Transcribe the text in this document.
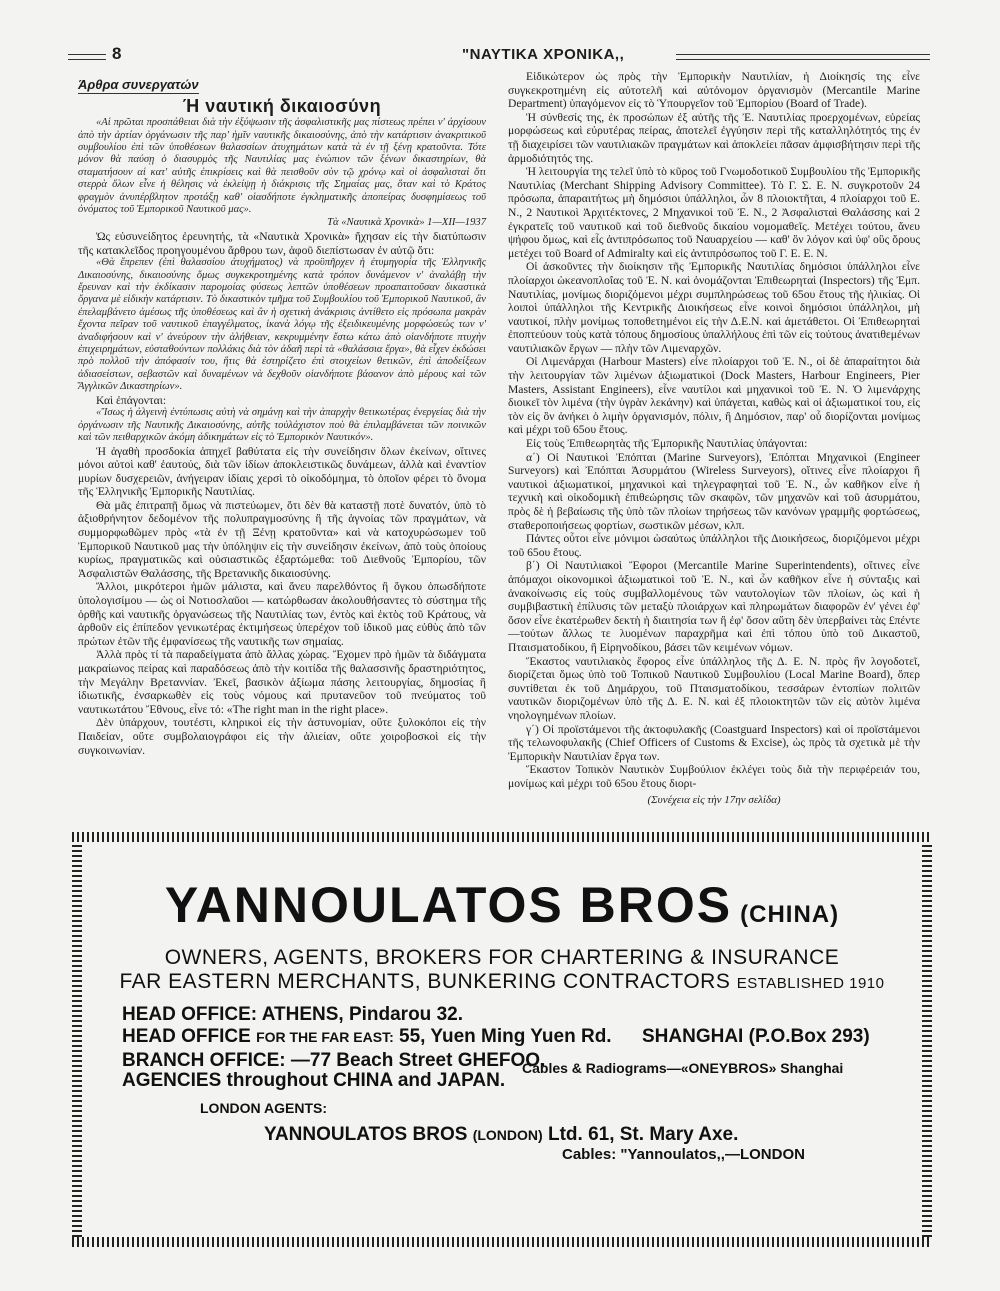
8	"ΝΑΥΤΙΚΑ ΧΡΟΝΙΚΑ,,
Άρθρα συνεργατών
Ή ναυτική δικαιοσύνη

«Αἱ πρῶται προσπάθειαι διὰ τὴν ἐξύψωσιν τῆς ἀσφαλιστικῆς μας πίστεως πρέπει ν' ἀρχίσουν ἀπὸ τὴν ἀρτίαν ὀργάνωσιν τῆς παρ' ἡμῖν ναυτικῆς δικαιοσύνης, ἀπὸ τὴν κατάρτισιν ἀνακριτικοῦ συμβουλίου ἐπὶ τῶν ὑποθέσεων θαλασσίων ἀτυχημάτων κατὰ τὰ ἐν τῇ ξένῃ κρατοῦντα. Τότε μόνον θὰ παύσῃ ὁ διασυρμὸς τῆς Ναυτιλίας μας ἐνώπιον τῶν ξένων δικαστηρίων, θὰ σταματήσουν αἱ κατ' αὐτῆς ἐπικρίσεις καὶ θὰ πεισθοῦν σὺν τῷ χρόνῳ καὶ οἱ ἀσφαλισταὶ ὅτι στερρὰ ὅλων εἶνε ἡ θέλησις νὰ ἐκλείψῃ ἡ διάκρισις τῆς Σημαίας μας, ὅταν καὶ τὸ Κράτος φραγμὸν ἀνυπέρβλητον προτάξῃ καθ' οἱασδήποτε ἐγκληματικῆς ἀποπείρας δυσφημίσεως τοῦ ὀνόματος τοῦ Ἐμπορικοῦ Ναυτικοῦ μας».

Τὰ «Ναυτικὰ Χρονικὰ» 1—XII—1937

Ὡς εὐσυνείδητος ἐρευνητής, τὰ «Ναυτικὰ Χρονικὰ» ἤχησαν εἰς τὴν διατύπωσιν τῆς κατακλεῖδος προηγουμένου ἄρθρου των, ἀφοῦ διεπίστωσαν ἐν αὐτῷ ὅτι:

«Θὰ ἔπρεπεν (ἐπὶ θαλασσίου ἀτυχήματος) νὰ προϋπῆρχεν ἡ ἐτυμηγορία τῆς Ἑλληνικῆς Δικαιοσύνης, δικαιοσύνης ὅμως συγκεκροτημένης κατὰ τρόπον δυνάμενον ν' ἀναλάβῃ τὴν ἔρευναν καὶ τὴν ἐκδίκασιν παρομοίας φύσεως λεπτῶν ὑποθέσεων προαπαιτοῦσαν δικαστικὰ ὄργανα μὲ εἰδικὴν κατάρτισιν. Τὸ δικαστικὸν τμῆμα τοῦ Συμβουλίου τοῦ Ἐμπορικοῦ Ναυτικοῦ, ἂν ἐπελαμβάνετο ἀμέσως τῆς ὑποθέσεως καὶ ἂν ἡ σχετικὴ ἀνάκρισις ἀντίθετο εἰς πρόσωπα μακρὰν ἔχοντα πεῖραν τοῦ ναυτικοῦ ἐπαγγέλματος, ἱκανὰ λόγῳ τῆς ἐξειδικευμένης μορφώσεώς των ν' ἀναδιφήσουν καὶ ν' ἀνεύρουν τὴν ἀλήθειαν, κεκρυμμένην ἔστω κάτω ἀπὸ οἱανδήποτε πτυχὴν ἐπιχειρημάτων, εὐσταθούντων πολλάκις διὰ τὸν ἀδαῆ περὶ τὰ «θαλάσσια ἔργα», θὰ εἶχεν ἐκδώσει πρὸ πολλοῦ τὴν ἀπόφασίν του, ἥτις θὰ ἐστηρίζετο ἐπὶ στοιχείων θετικῶν, ἐπὶ ἀποδείξεων ἀδιασείστων, σεβαστῶν καὶ δυναμένων νὰ δεχθοῦν οἱανδήποτε βάσανον ἀπὸ μέρους καὶ τῶν Ἄγγλικῶν Δικαστηρίων».

Καὶ ἐπάγονται:

«Ἴσως ἡ ἀλγεινὴ ἐντύπωσις αὐτὴ νὰ σημάνῃ καὶ τὴν ἀπαρχὴν θετικωτέρας ἐνεργείας διὰ τὴν ὀργάνωσιν τῆς Ναυτικῆς Δικαιοσύνης, αὐτῆς τοὐλάχιστον ποὺ θὰ ἐπιλαμβάνεται τῶν ποινικῶν καὶ τῶν πειθαρχικῶν ἀκόμη ἀδικημάτων εἰς τὸ Ἐμπορικὸν Ναυτικόν».

Ἡ ἀγαθὴ προσδοκία ἀπηχεῖ βαθύτατα εἰς τὴν συνείδησιν ὅλων ἐκείνων, οἵτινες μόνοι αὐτοὶ καθ' ἑαυτούς, διὰ τῶν ἰδίων ἀποκλειστικῶς δυνάμεων, ἀλλὰ καὶ ἐναντίον μυρίων δυσχερειῶν, ἀνήγειραν ἰδίαις χερσὶ τὸ οἰκοδόμημα, τὸ ὁποῖον φέρει τὸ ὄνομα τῆς Ἑλληνικῆς Ἐμπορικῆς Ναυτιλίας.

Θὰ μᾶς ἐπιτραπῇ ὅμως νὰ πιστεύωμεν, ὅτι δὲν θὰ καταστῇ ποτὲ δυνατόν, ὑπὸ τὸ ἀξιοθρήνητον δεδομένον τῆς πολυπραγμοσύνης ἢ τῆς ἀγνοίας τῶν πραγμάτων, νὰ συμμορφωθῶμεν πρὸς «τὰ ἐν τῇ Ξένῃ κρατοῦντα» καὶ νὰ κατοχυρώσωμεν τοῦ Ἐμπορικοῦ Ναυτικοῦ μας τὴν ὑπόληψιν εἰς τὴν συνείδησιν ἐκείνων, ἀπὸ τοὺς ὁποίους κυρίως, πραγματικῶς καὶ οὐσιαστικῶς ἐξαρτώμεθα: τοῦ Διεθνοῦς Ἐμπορίου, τῶν Ἀσφαλιστῶν Θαλάσσης, τῆς Βρετανικῆς δικαιοσύνης.

Ἄλλοι, μικρότεροι ἡμῶν μάλιστα, καὶ ἄνευ παρελθόντος ἢ ὄγκου ὁπωσδήποτε ὑπολογισίμου — ὡς οἱ Νοτιοσλαῦοι — κατώρθωσαν ἀκολουθήσαντες τὸ σύστημα τῆς ὀρθῆς καὶ ναυτικῆς ὀργανώσεως τῆς Ναυτιλίας των, ἐντὸς καὶ ἐκτὸς τοῦ Κράτους, νὰ ἀρθοῦν εἰς ἐπίπεδον γενικωτέρας ἐκτιμήσεως ὑπερέχον τοῦ ἰδικοῦ μας εὐθὺς ἀπὸ τῶν πρώτων ἐτῶν τῆς ἐμφανίσεως τῆς ναυτικῆς των σημαίας.

Ἀλλὰ πρὸς τί τὰ παραδείγματα ἀπὸ ἄλλας χώρας. Ἔχομεν πρὸ ἡμῶν τὰ διδάγματα μακραίωνος πείρας καὶ παραδόσεως ἀπὸ τὴν κοιτίδα τῆς θαλασσινῆς δραστηριότητος, τὴν Μεγάλην Βρεταννίαν. Ἐκεῖ, βασικὸν ἀξίωμα πάσης λειτουργίας, δημοσίας ἢ ἰδιωτικῆς, ἐνσαρκωθὲν εἰς τοὺς νόμους καὶ πρυτανεῦον τοῦ πνεύματος τοῦ ναυτικωτάτου Ἔθνους, εἶνε τό: «The right man in the right place».

Δὲν ὑπάρχουν, τουτέστι, κληρικοὶ εἰς τὴν ἀστυνομίαν, οὔτε ξυλοκόποι εἰς τὴν Παιδείαν, οὔτε συμβολαιογράφοι εἰς τὴν ἁλιείαν, οὔτε χοιροβοσκοὶ εἰς τὴν συγκοινωνίαν.

Εἰδικώτερον ὡς πρὸς τὴν Ἐμπορικὴν Ναυτιλίαν, ἡ Διοίκησίς της εἶνε συγκεκροτημένη εἰς αὐτοτελῆ καὶ αὐτόνομον ὀργανισμὸν (Mercantile Marine Department) ὑπαγόμενον εἰς τὸ Ὑπουργεῖον τοῦ Ἐμπορίου (Board of Trade).

Ἡ σύνθεσίς της, ἐκ προσώπων ἐξ αὐτῆς τῆς Ἐ. Ναυτιλίας προερχομένων, εὐρείας μορφώσεως καὶ εὐρυτέρας πείρας, ἀποτελεῖ ἐγγύησιν περὶ τῆς καταλληλότητός της ἐν τῇ διαχειρίσει τῶν ναυτιλιακῶν πραγμάτων καὶ ἀποκλείει πᾶσαν ἀμφισβήτησιν περὶ τῆς ἁρμοδιότητός της.

Ἡ λειτουργία της τελεῖ ὑπὸ τὸ κῦρος τοῦ Γνωμοδοτικοῦ Συμβουλίου τῆς Ἐμπορικῆς Ναυτιλίας (Merchant Shipping Advisory Committee). Τὸ Γ. Σ. Ε. Ν. συγκροτοῦν 24 πρόσωπα, ἀπαραιτήτως μὴ δημόσιοι ὑπάλληλοι, ὧν 8 πλοιοκτῆται, 4 πλοίαρχοι τοῦ Ε. Ν., 2 Ναυτικοὶ Ἀρχιτέκτονες, 2 Μηχανικοὶ τοῦ Ἐ. Ν., 2 Ἀσφαλισταὶ Θαλάσσης καὶ 2 ἐγκρατεῖς τοῦ ναυτικοῦ καὶ τοῦ διεθνοῦς δικαίου νομομαθεῖς. Μετέχει τούτου, ἄνευ ψήφου ὅμως, καὶ εἷς ἀντιπρόσωπος τοῦ Ναυαρχείου — καθ' ὃν λόγον καὶ ὑφ' οὓς ὅρους μετέχει τοῦ Board of Admiralty καὶ εἰς ἀντιπρόσωπος τοῦ Γ. Ε. Ε. Ν.

Οἱ ἀσκοῦντες τὴν διοίκησιν τῆς Ἐμπορικῆς Ναυτιλίας δημόσιοι ὑπάλληλοι εἶνε πλοίαρχοι ὠκεανοπλοΐας τοῦ Ἐ. Ν. καὶ ὀνομάζονται Ἐπιθεωρηταὶ (Inspectors) τῆς Ἐμπ. Ναυτιλίας, μονίμως διοριζόμενοι μέχρι συμπληρώσεως τοῦ 65ου ἔτους τῆς ἡλικίας. Οἱ λοιποὶ ὑπάλληλοι τῆς Κεντρικῆς Διοικήσεως εἶνε κοινοὶ δημόσιοι ὑπάλληλοι, μὴ ναυτικοί, πλὴν μονίμως τοποθετημένοι εἰς τὴν Δ.Ε.Ν. καὶ ἀμετάθετοι. Οἱ Ἐπιθεωρηταὶ ἐποπτεύουν τοὺς κατὰ τόπους δημοσίους ὑπαλλήλους ἐπὶ τῶν εἰς τούτους ἀνατιθεμένων ναυτιλιακῶν ἔργων — πλὴν τῶν Λιμεναρχῶν.

Οἱ Λιμενάρχαι (Harbour Masters) εἶνε πλοίαρχοι τοῦ Ἐ. Ν., οἱ δὲ ἀπαραίτητοι διὰ τὴν λειτουργίαν τῶν λιμένων ἀξιωματικοὶ (Dock Masters, Harbour Engineers, Pier Masters, Assistant Engineers), εἶνε ναυτίλοι καὶ μηχανικοὶ τοῦ Ἐ. Ν. Ὁ λιμενάρχης διοικεῖ τὸν λιμένα (τὴν ὑγρὰν λεκάνην) καὶ ὑπάγεται, καθὼς καὶ οἱ ἀξιωματικοί του, εἰς τὸν εἰς ὃν ἀνήκει ὁ λιμὴν ὀργανισμόν, πόλιν, ἢ Δημόσιον, παρ' οὗ διορίζονται μονίμως καὶ μέχρι τοῦ 65ου ἔτους.

Εἰς τοὺς Ἐπιθεωρητὰς τῆς Ἐμπορικῆς Ναυτιλίας ὑπάγονται:

α΄) Οἱ Ναυτικοὶ Ἐπόπται (Marine Surveyors), Ἐπόπται Μηχανικοὶ (Engineer Surveyors) καὶ Ἐπόπται Ἀσυρμάτου (Wireless Surveyors), οἵτινες εἶνε πλοίαρχοι ἢ ναυτικοὶ ἀξιωματικοί, μηχανικοὶ καὶ τηλεγραφηταὶ τοῦ Ἐ. Ν., ὧν καθῆκον εἶνε ἡ τεχνικὴ καὶ οἰκοδομικὴ ἐπιθεώρησις τῶν σκαφῶν, τῶν μηχανῶν καὶ τοῦ ἀσυρμάτου, πρὸς δὲ ἡ βεβαίωσις τῆς ὑπὸ τῶν πλοίων τηρήσεως τῶν κανόνων γραμμῆς φορτώσεως, σταθεροποιήσεως φορτίων, σωστικῶν μέσων, κλπ.

Πάντες οὗτοι εἶνε μόνιμοι ὡσαύτως ὑπάλληλοι τῆς Διοικήσεως, διοριζόμενοι μέχρι τοῦ 65ου ἔτους.

β΄) Οἱ Ναυτιλιακοὶ Ἔφοροι (Mercantile Marine Superintendents), οἵτινες εἶνε ἀπόμαχοι οἰκονομικοὶ ἀξιωματικοὶ τοῦ Ἐ. Ν., καὶ ὧν καθῆκον εἶνε ἡ σύνταξις καὶ ἀνακοίνωσις εἰς τοὺς συμβαλλομένους τῶν ναυτολογίων τῶν πλοίων, ὡς καὶ ἡ συμβιβαστικὴ ἐπίλυσις τῶν μεταξὺ πλοιάρχων καὶ πληρωμάτων διαφορῶν ἐν' γένει ἐφ' ὅσον εἶνε ἑκατέρωθεν δεκτὴ ἡ διαιτησία των ἢ ἐφ' ὅσον αὕτη δὲν ὑπερβαίνει τὰς £πέντε—τούτων ἄλλως τε λυομένων παραχρῆμα καὶ ἐπὶ τόπου ὑπὸ τοῦ Δικαστοῦ, Πταισματοδίκου, ἢ Εἰρηνοδίκου, βάσει τῶν κειμένων νόμων.

Ἕκαστος ναυτιλιακὸς ἔφορος εἶνε ὑπάλληλος τῆς Δ. Ε. Ν. πρὸς ἣν λογοδοτεῖ, διορίζεται ὅμως ὑπὸ τοῦ Τοπικοῦ Ναυτικοῦ Συμβουλίου (Local Marine Board), ὅπερ συντίθεται ἐκ τοῦ Δημάρχου, τοῦ Πταισματοδίκου, τεσσάρων ἐντοπίων πολιτῶν ναυτικῶν διοριζομένων ὑπὸ τῆς Δ. Ε. Ν. καὶ ἐξ πλοιοκτητῶν τῶν εἰς αὐτὸν λιμένα νηολογημένων πλοίων.

γ΄) Οἱ προϊστάμενοι τῆς ἀκτοφυλακῆς (Coastguard Inspectors) καὶ οἱ προϊστάμενοι τῆς τελωνοφυλακῆς (Chief Officers of Customs & Excise), ὡς πρὸς τὰ σχετικὰ μὲ τὴν Ἐμπορικὴν Ναυτιλίαν ἔργα των.

Ἕκαστον Τοπικὸν Ναυτικὸν Συμβούλιον ἐκλέγει τοὺς διὰ τὴν περιφέρειάν του, μονίμως καὶ μέχρι τοῦ 65ου ἔτους διορι-

(Συνέχεια εἰς τὴν 17ην σελίδα)
YANNOULATOS BROS (CHINA)
OWNERS, AGENTS, BROKERS FOR CHARTERING & INSURANCE
FAR EASTERN MERCHANTS, BUNKERING CONTRACTORS ESTABLISHED 1910
HEAD OFFICE: ATHENS, Pindarou 32.
HEAD OFFICE FOR THE FAR EAST: 55, Yuen Ming Yuen Rd. SHANGHAI (P.O.Box 293)
BRANCH OFFICE: —77 Beach Street GHEFOO.
AGENCIES throughout CHINA and JAPAN.
Cables & Radiograms—«ONEYBROS» Shanghai
LONDON AGENTS:
YANNOULATOS BROS (LONDON) Ltd. 61, St. Mary Axe.
Cables: "Yannoulatos,,—LONDON
